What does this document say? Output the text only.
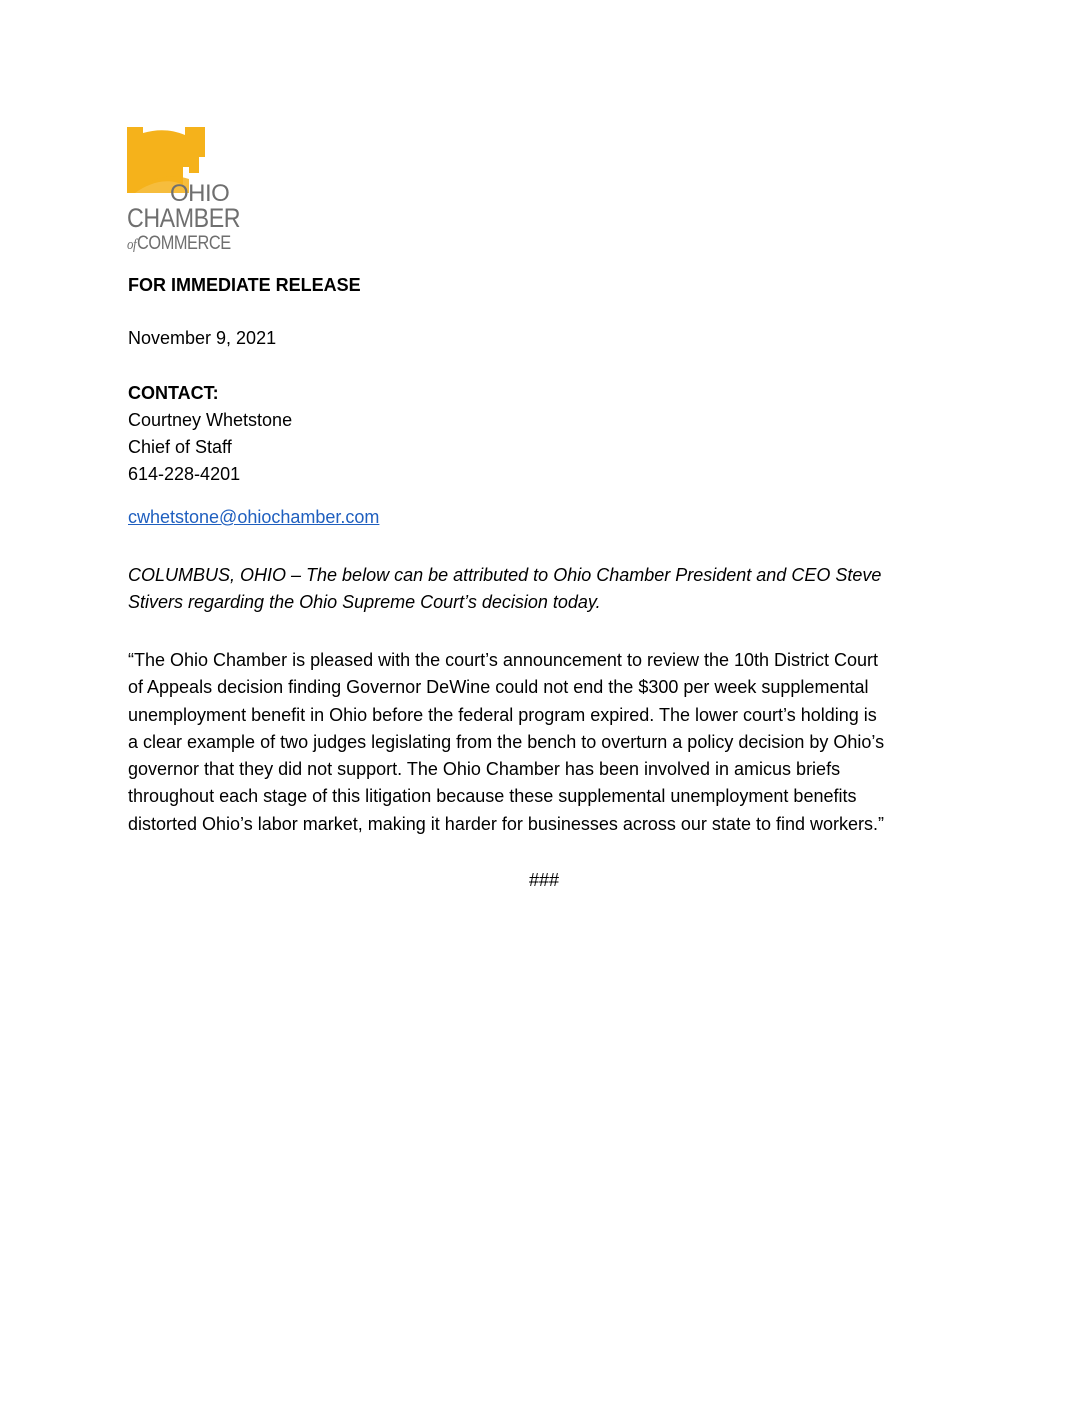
OHIO
CHAMBER
ofCOMMERCE
FOR IMMEDIATE RELEASE
November 9, 2021
CONTACT:
Courtney Whetstone
Chief of Staff
614-228-4201
cwhetstone@ohiochamber.com
COLUMBUS, OHIO – The below can be attributed to Ohio Chamber President and CEO Steve
Stivers regarding the Ohio Supreme Court’s decision today.
“The Ohio Chamber is pleased with the court’s announcement to review the 10th District Court
of Appeals decision finding Governor DeWine could not end the $300 per week supplemental
unemployment benefit in Ohio before the federal program expired. The lower court’s holding is
a clear example of two judges legislating from the bench to overturn a policy decision by Ohio’s
governor that they did not support. The Ohio Chamber has been involved in amicus briefs
throughout each stage of this litigation because these supplemental unemployment benefits
distorted Ohio’s labor market, making it harder for businesses across our state to find workers.”
###
